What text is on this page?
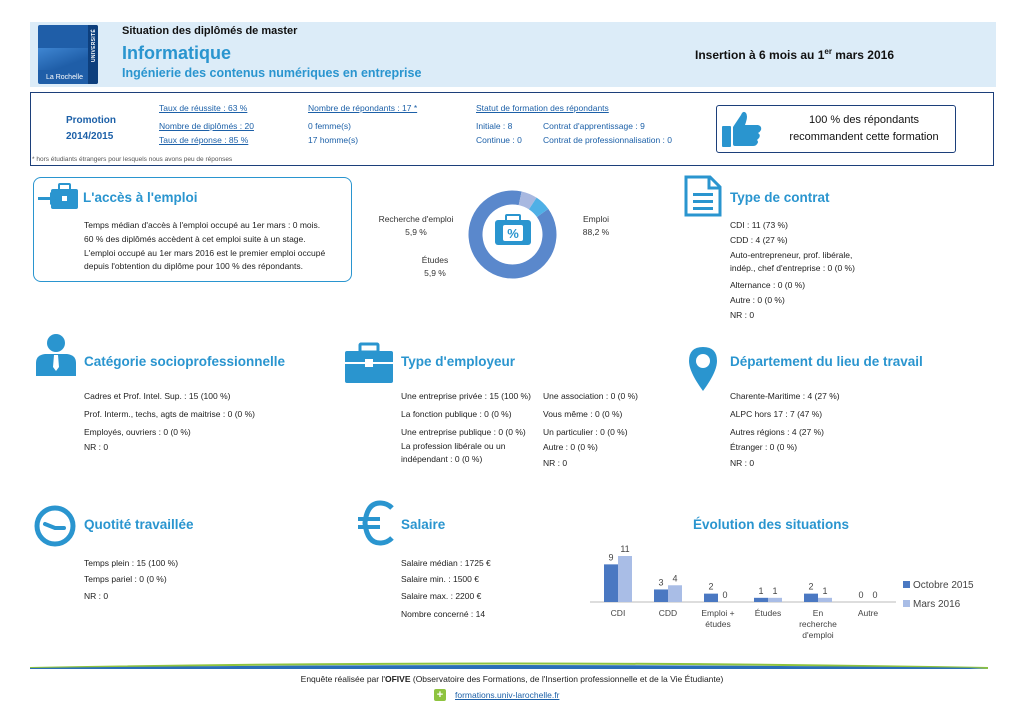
UNIVERSITÉ
La Rochelle
Situation des diplômés de master
Informatique
Ingénierie des contenus numériques en entreprise
Insertion à 6 mois au 1er mars 2016
Promotion
2014/2015
Taux de réussite : 63 %
Nombre de diplômés : 20
Taux de réponse : 85 %
Nombre de répondants : 17 *
0 femme(s)
17 homme(s)
Statut de formation des répondants
Initiale : 8
Continue : 0
Contrat d'apprentissage : 9
Contrat de professionnalisation : 0
* hors étudiants étrangers pour lesquels nous avons peu de réponses
100 % des répondants
recommandent cette formation
L'accès à l'emploi
Temps médian d'accès à l'emploi occupé au 1er mars : 0 mois.
60 % des diplômés accèdent à cet emploi suite à un stage.
L'emploi occupé au 1er mars 2016 est le premier emploi occupé
depuis l'obtention du diplôme pour 100 % des répondants.
%
Recherche d'emploi
5,9 %
Études
5,9 %
Emploi
88,2 %
Type de contrat
CDI : 11 (73 %)
CDD : 4 (27 %)
Auto-entrepreneur, prof. libérale,
indép., chef d'entreprise : 0 (0 %)
Alternance : 0 (0 %)
Autre : 0 (0 %)
NR : 0
Catégorie socioprofessionnelle
Cadres et Prof. Intel. Sup. : 15 (100 %)
Prof. Interm., techs, agts de maitrise : 0 (0 %)
Employés, ouvriers : 0 (0 %)
NR : 0
Type d'employeur
Une entreprise privée : 15 (100 %)
La fonction publique : 0 (0 %)
Une entreprise publique : 0 (0 %)
La profession libérale ou un
indépendant : 0 (0 %)
Une association : 0 (0 %)
Vous même : 0 (0 %)
Un particulier : 0 (0 %)
Autre : 0 (0 %)
NR : 0
Département du lieu de travail
Charente-Maritime : 4 (27 %)
ALPC hors 17 : 7 (47 %)
Autres régions : 4 (27 %)
Étranger : 0 (0 %)
NR : 0
Quotité travaillée
Temps plein : 15 (100 %)
Temps pariel : 0 (0 %)
NR : 0
Salaire
Salaire médian : 1725 €
Salaire min. : 1500 €
Salaire max. : 2200 €
Nombre concerné : 14
Évolution des situations
9
11
CDI
3 4
CDD
2
0
Emploi +
études
1 1
Études
2 1
En
recherche
d'emploi
0 0
Autre
Octobre 2015
Mars 2016
Enquête réalisée par l'OFIVE (Observatoire des Formations, de l'Insertion professionnelle et de la Vie Étudiante)
+	formations.univ-larochelle.fr
